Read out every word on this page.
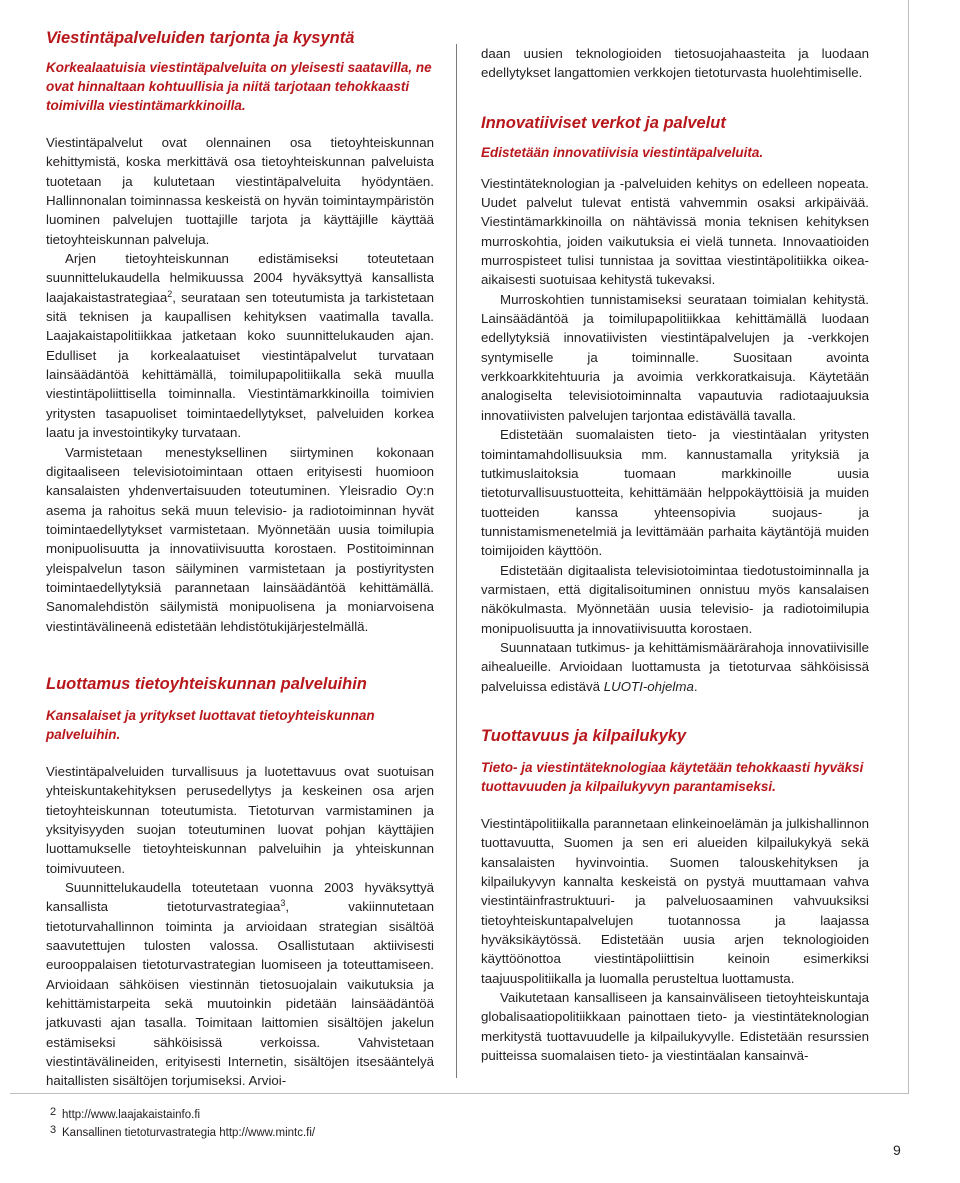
Viestintäpalveluiden tarjonta ja kysyntä

Korkealaatuisia viestintäpalveluita on yleisesti saatavilla, ne ovat hinnaltaan kohtuullisia ja niitä tarjotaan tehokkaasti toimivilla viestintämarkkinoilla.

Viestintäpalvelut ovat olennainen osa tietoyhteiskunnan kehittymistä, koska merkittävä osa tietoyhteiskunnan palveluista tuotetaan ja kulutetaan viestintäpalveluita hyödyntäen. Hallinnonalan toiminnassa keskeistä on hyvän toimintaympäristön luominen palvelujen tuottajille tarjota ja käyttäjille käyttää tietoyhteiskunnan palveluja.

Arjen tietoyhteiskunnan edistämiseksi toteutetaan suunnittelukaudella helmikuussa 2004 hyväksyttyä kansallista laajakaistastrategiaa$^2$, seurataan sen toteutumista ja tarkistetaan sitä teknisen ja kaupallisen kehityksen vaatimalla tavalla. Laajakaistapolitiikkaa jatketaan koko suunnittelukauden ajan. Edulliset ja korkealaatuiset viestintäpalvelut turvataan lainsäädäntöä kehittämällä, toimilupapolitiikalla sekä muulla viestintäpoliittisella toiminnalla. Viestintämarkkinoilla toimivien yritysten tasapuoliset toimintaedellytykset, palveluiden korkea laatu ja investointikyky turvataan.

Varmistetaan menestyksellinen siirtyminen kokonaan digitaaliseen televisiotoimintaan ottaen erityisesti huomioon kansalaisten yhdenvertaisuuden toteutuminen. Yleisradio Oy:n asema ja rahoitus sekä muun televisio- ja radiotoiminnan hyvät toimintaedellytykset varmistetaan. Myönnetään uusia toimilupia monipuolisuutta ja innovatiivisuutta korostaen. Postitoiminnan yleispalvelun tason säilyminen varmistetaan ja postiyritysten toimintaedellytyksiä parannetaan lainsäädäntöä kehittämällä. Sanomalehdistön säilymistä monipuolisena ja moniarvoisena viestintävälineenä edistetään lehdistötukijärjestelmällä.

Luottamus tietoyhteiskunnan palveluihin

Kansalaiset ja yritykset luottavat tietoyhteiskunnan palveluihin.

Viestintäpalveluiden turvallisuus ja luotettavuus ovat suotuisan yhteiskuntakehityksen perusedellytys ja keskeinen osa arjen tietoyhteiskunnan toteutumista. Tietoturvan varmistaminen ja yksityisyyden suojan toteutuminen luovat pohjan käyttäjien luottamukselle tietoyhteiskunnan palveluihin ja yhteiskunnan toimivuuteen.

Suunnittelukaudella toteutetaan vuonna 2003 hyväksyttyä kansallista tietoturvastrategiaa$^3$, vakiinnutetaan tietoturvahallinnon toiminta ja arvioidaan strategian sisältöä saavutettujen tulosten valossa. Osallistutaan aktiivisesti eurooppalaisen tietoturvastrategian luomiseen ja toteuttamiseen. Arvioidaan sähköisen viestinnän tietosuojalain vaikutuksia ja kehittämistarpeita sekä muutoinkin pidetään lainsäädäntöä jatkuvasti ajan tasalla. Toimitaan laittomien sisältöjen jakelun estämiseksi sähköisissä verkoissa. Vahvistetaan viestintävälineiden, erityisesti Internetin, sisältöjen itsesääntelyä haitallisten sisältöjen torjumiseksi. Arvioi-

daan uusien teknologioiden tietosuojahaasteita ja luodaan edellytykset langattomien verkkojen tietoturvasta huolehtimiselle.

Innovatiiviset verkot ja palvelut

Edistetään innovatiivisia viestintäpalveluita.

Viestintäteknologian ja -palveluiden kehitys on edelleen nopeata. Uudet palvelut tulevat entistä vahvemmin osaksi arkipäivää. Viestintämarkkinoilla on nähtävissä monia teknisen kehityksen murroskohtia, joiden vaikutuksia ei vielä tunneta. Innovaatioiden murrospisteet tulisi tunnistaa ja sovittaa viestintäpolitiikka oikea-aikaisesti suotuisaa kehitystä tukevaksi.

Murroskohtien tunnistamiseksi seurataan toimialan kehitystä. Lainsäädäntöä ja toimilupapolitiikkaa kehittämällä luodaan edellytyksiä innovatiivisten viestintäpalvelujen ja -verkkojen syntymiselle ja toiminnalle. Suositaan avointa verkkoarkkitehtuuria ja avoimia verkkoratkaisuja. Käytetään analogiselta televisiotoiminnalta vapautuvia radiotaajuuksia innovatiivisten palvelujen tarjontaa edistävällä tavalla.

Edistetään suomalaisten tieto- ja viestintäalan yritysten toimintamahdollisuuksia mm. kannustamalla yrityksiä ja tutkimuslaitoksia tuomaan markkinoille uusia tietoturvallisuustuotteita, kehittämään helppokäyttöisiä ja muiden tuotteiden kanssa yhteensopivia suojaus- ja tunnistamismenetelmiä ja levittämään parhaita käytäntöjä muiden toimijoiden käyttöön.

Edistetään digitaalista televisiotoimintaa tiedotustoiminnalla ja varmistaen, että digitalisoituminen onnistuu myös kansalaisen näkökulmasta. Myönnetään uusia televisio- ja radiotoimilupia monipuolisuutta ja innovatiivisuutta korostaen.

Suunnataan tutkimus- ja kehittämismäärärahoja innovatiivisille aihealueille. Arvioidaan luottamusta ja tietoturvaa sähköisissä palveluissa edistävä LUOTI-ohjelma.

Tuottavuus ja kilpailukyky

Tieto- ja viestintäteknologiaa käytetään tehokkaasti hyväksi tuottavuuden ja kilpailukyvyn parantamiseksi.

Viestintäpolitiikalla parannetaan elinkeinoelämän ja julkishallinnon tuottavuutta, Suomen ja sen eri alueiden kilpailukykyä sekä kansalaisten hyvinvointia. Suomen talouskehityksen ja kilpailukyvyn kannalta keskeistä on pystyä muuttamaan vahva viestintäinfrastruktuuri- ja palveluosaaminen vahvuuksiksi tietoyhteiskuntapalvelujen tuotannossa ja laajassa hyväksikäytössä. Edistetään uusia arjen teknologioiden käyttöönottoa viestintäpoliittisin keinoin esimerkiksi taajuuspolitiikalla ja luomalla perusteltua luottamusta.

Vaikutetaan kansalliseen ja kansainväliseen tietoyhteiskuntaja globalisaatiopolitiikkaan painottaen tieto- ja viestintäteknologian merkitystä tuottavuudelle ja kilpailukyvylle. Edistetään resurssien puitteissa suomalaisen tieto- ja viestintäalan kansainvä-

2 http://www.laajakaistainfo.fi
3 Kansallinen tietoturvastrategia http://www.mintc.fi/
9
